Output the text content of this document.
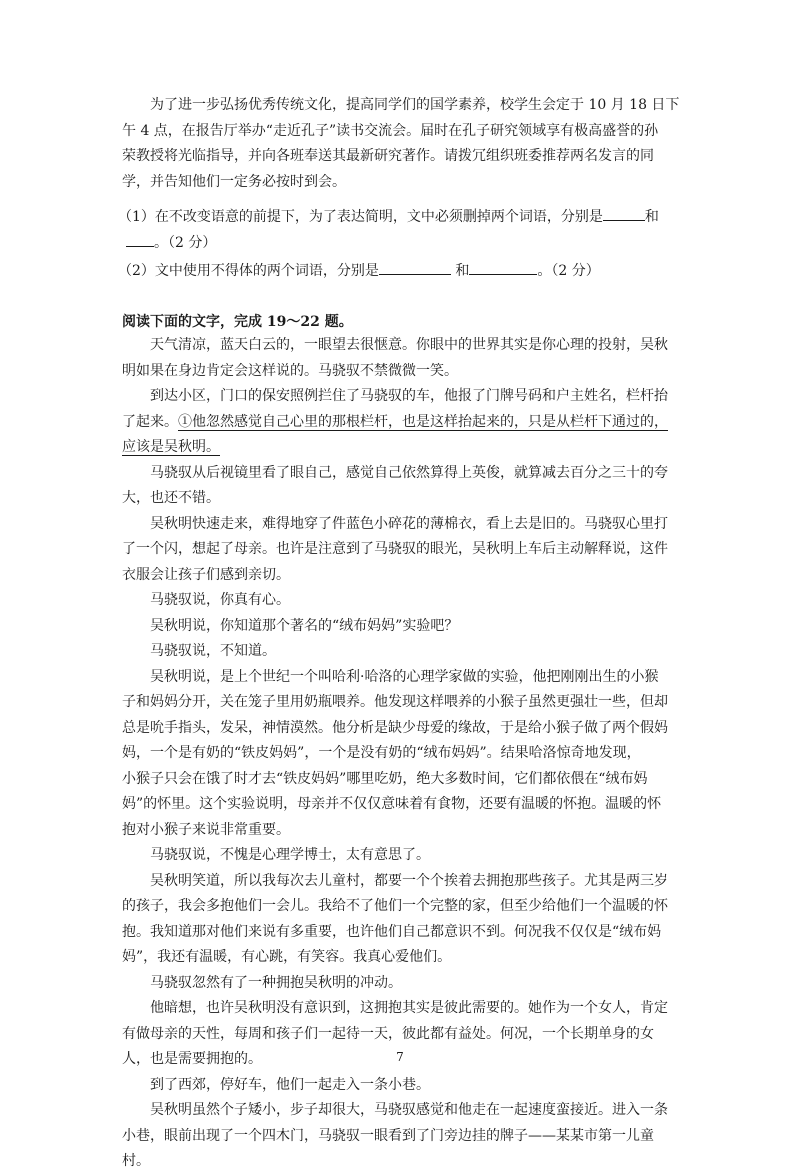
为了进一步弘扬优秀传统文化，提高同学们的国学素养，校学生会定于 10 月 18 日下
午 4 点，在报告厅举办“走近孔子”读书交流会。届时在孔子研究领域享有极高盛誉的孙
荣教授将光临指导，并向各班奉送其最新研究著作。请拨冗组织班委推荐两名发言的同
学，并告知他们一定务必按时到会。
（1）在不改变语意的前提下，为了表达简明，文中必须删掉两个词语，分别是	和
。（2 分）
（2）文中使用不得体的两个词语，分别是	和	。（2 分）
阅读下面的文字，完成 19～22 题。
天气清凉，蓝天白云的，一眼望去很惬意。你眼中的世界其实是你心理的投射，吴秋
明如果在身边肯定会这样说的。马骁驭不禁微微一笑。
到达小区，门口的保安照例拦住了马骁驭的车，他报了门牌号码和户主姓名，栏杆抬
了起来。①他忽然感觉自己心里的那根栏杆，也是这样抬起来的，只是从栏杆下通过的，
应该是吴秋明。
马骁驭从后视镜里看了眼自己，感觉自己依然算得上英俊，就算减去百分之三十的夸
大，也还不错。
吴秋明快速走来，难得地穿了件蓝色小碎花的薄棉衣，看上去是旧的。马骁驭心里打
了一个闪，想起了母亲。也许是注意到了马骁驭的眼光，吴秋明上车后主动解释说，这件
衣服会让孩子们感到亲切。
马骁驭说，你真有心。
吴秋明说，你知道那个著名的“绒布妈妈”实验吧？
马骁驭说，不知道。
吴秋明说，是上个世纪一个叫哈利·哈洛的心理学家做的实验，他把刚刚出生的小猴
子和妈妈分开，关在笼子里用奶瓶喂养。他发现这样喂养的小猴子虽然更强壮一些，但却
总是吮手指头，发呆，神情漠然。他分析是缺少母爱的缘故，于是给小猴子做了两个假妈
妈，一个是有奶的“铁皮妈妈”，一个是没有奶的“绒布妈妈”。结果哈洛惊奇地发现，
小猴子只会在饿了时才去“铁皮妈妈”哪里吃奶，绝大多数时间，它们都依偎在“绒布妈
妈”的怀里。这个实验说明，母亲并不仅仅意味着有食物，还要有温暖的怀抱。温暖的怀
抱对小猴子来说非常重要。
马骁驭说，不愧是心理学博士，太有意思了。
吴秋明笑道，所以我每次去儿童村，都要一个个挨着去拥抱那些孩子。尤其是两三岁
的孩子，我会多抱他们一会儿。我给不了他们一个完整的家，但至少给他们一个温暖的怀
抱。我知道那对他们来说有多重要，也许他们自己都意识不到。何况我不仅仅是“绒布妈
妈”，我还有温暖，有心跳，有笑容。我真心爱他们。
马骁驭忽然有了一种拥抱吴秋明的冲动。
他暗想，也许吴秋明没有意识到，这拥抱其实是彼此需要的。她作为一个女人，肯定
有做母亲的天性，每周和孩子们一起待一天，彼此都有益处。何况，一个长期单身的女
人，也是需要拥抱的。
到了西郊，停好车，他们一起走入一条小巷。
吴秋明虽然个子矮小，步子却很大，马骁驭感觉和他走在一起速度蛮接近。进入一条
小巷，眼前出现了一个四木门，马骁驭一眼看到了门旁边挂的牌子——某某市第一儿童
村。
7
